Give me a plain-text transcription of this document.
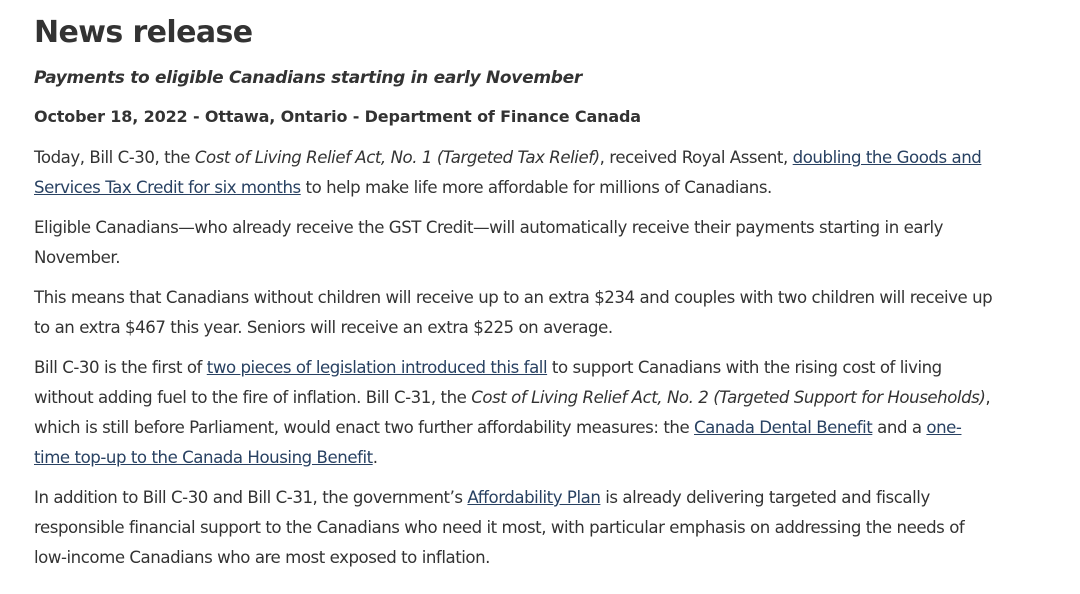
News release

Payments to eligible Canadians starting in early November

October 18, 2022 - Ottawa, Ontario - Department of Finance Canada

Today, Bill C-30, the Cost of Living Relief Act, No. 1 (Targeted Tax Relief), received Royal Assent, doubling the Goods and
Services Tax Credit for six months to help make life more affordable for millions of Canadians.

Eligible Canadians—who already receive the GST Credit—will automatically receive their payments starting in early
November.

This means that Canadians without children will receive up to an extra $234 and couples with two children will receive up
to an extra $467 this year. Seniors will receive an extra $225 on average.

Bill C-30 is the first of two pieces of legislation introduced this fall to support Canadians with the rising cost of living
without adding fuel to the fire of inflation. Bill C-31, the Cost of Living Relief Act, No. 2 (Targeted Support for Households),
which is still before Parliament, would enact two further affordability measures: the Canada Dental Benefit and a one-
time top-up to the Canada Housing Benefit.

In addition to Bill C-30 and Bill C-31, the government’s Affordability Plan is already delivering targeted and fiscally
responsible financial support to the Canadians who need it most, with particular emphasis on addressing the needs of
low-income Canadians who are most exposed to inflation.
